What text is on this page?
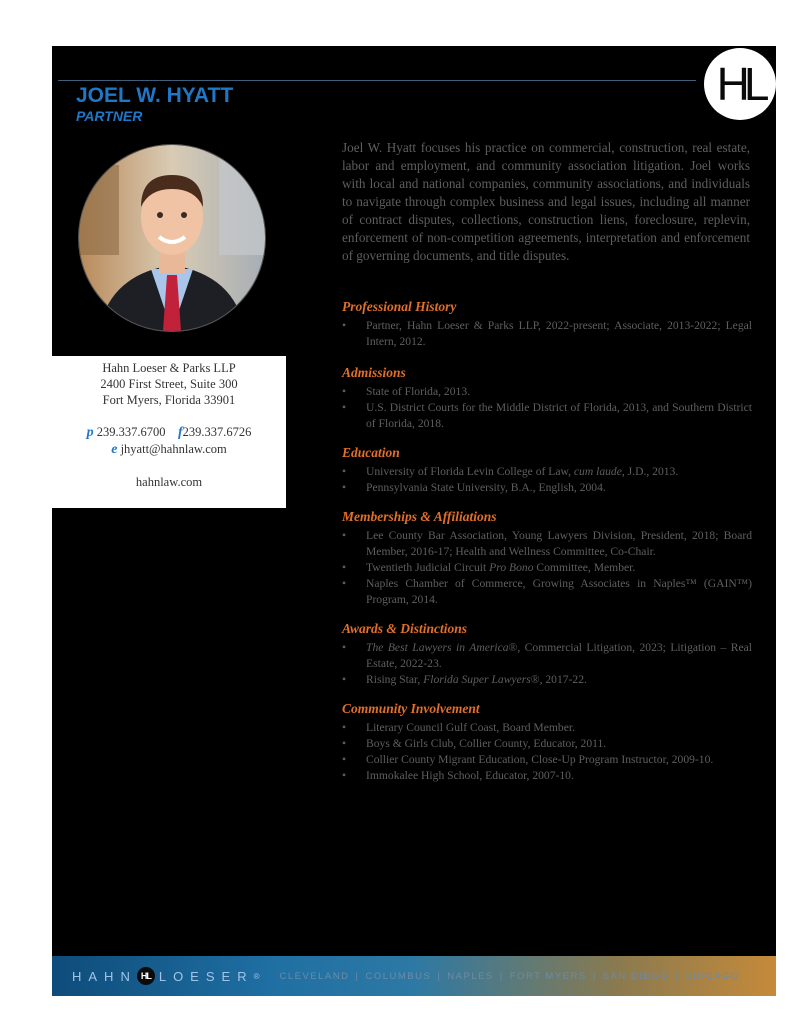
HL
JOEL W. HYATT
PARTNER
Hahn Loeser & Parks LLP
2400 First Street, Suite 300
Fort Myers, Florida 33901
p 239.337.6700 f239.337.6726
e jhyatt@hahnlaw.com
hahnlaw.com

Joel W. Hyatt focuses his practice on commercial, construction, real estate, labor and employment, and community association litigation. Joel works with local and national companies, community associations, and individuals to navigate through complex business and legal issues, including all manner of contract disputes, collections, construction liens, foreclosure, replevin, enforcement of non-competition agreements, interpretation and enforcement of governing documents, and title disputes.

Professional History
• Partner, Hahn Loeser & Parks LLP, 2022-present; Associate, 2013-2022; Legal Intern, 2012.
Admissions
• State of Florida, 2013.
• U.S. District Courts for the Middle District of Florida, 2013, and Southern District of Florida, 2018.
Education
• University of Florida Levin College of Law, cum laude, J.D., 2013.
• Pennsylvania State University, B.A., English, 2004.
Memberships & Affiliations
• Lee County Bar Association, Young Lawyers Division, President, 2018; Board Member, 2016-17; Health and Wellness Committee, Co-Chair.
• Twentieth Judicial Circuit Pro Bono Committee, Member.
• Naples Chamber of Commerce, Growing Associates in Naples™ (GAIN™) Program, 2014.
Awards & Distinctions
• The Best Lawyers in America®, Commercial Litigation, 2023; Litigation – Real Estate, 2022-23.
• Rising Star, Florida Super Lawyers®, 2017-22.
Community Involvement
• Literary Council Gulf Coast, Board Member.
• Boys & Girls Club, Collier County, Educator, 2011.
• Collier County Migrant Education, Close-Up Program Instructor, 2009-10.
• Immokalee High School, Educator, 2007-10.
HAHN HL LOESER ® CLEVELAND | COLUMBUS | NAPLES | FORT MYERS | SAN DIEGO | CHICAGO
